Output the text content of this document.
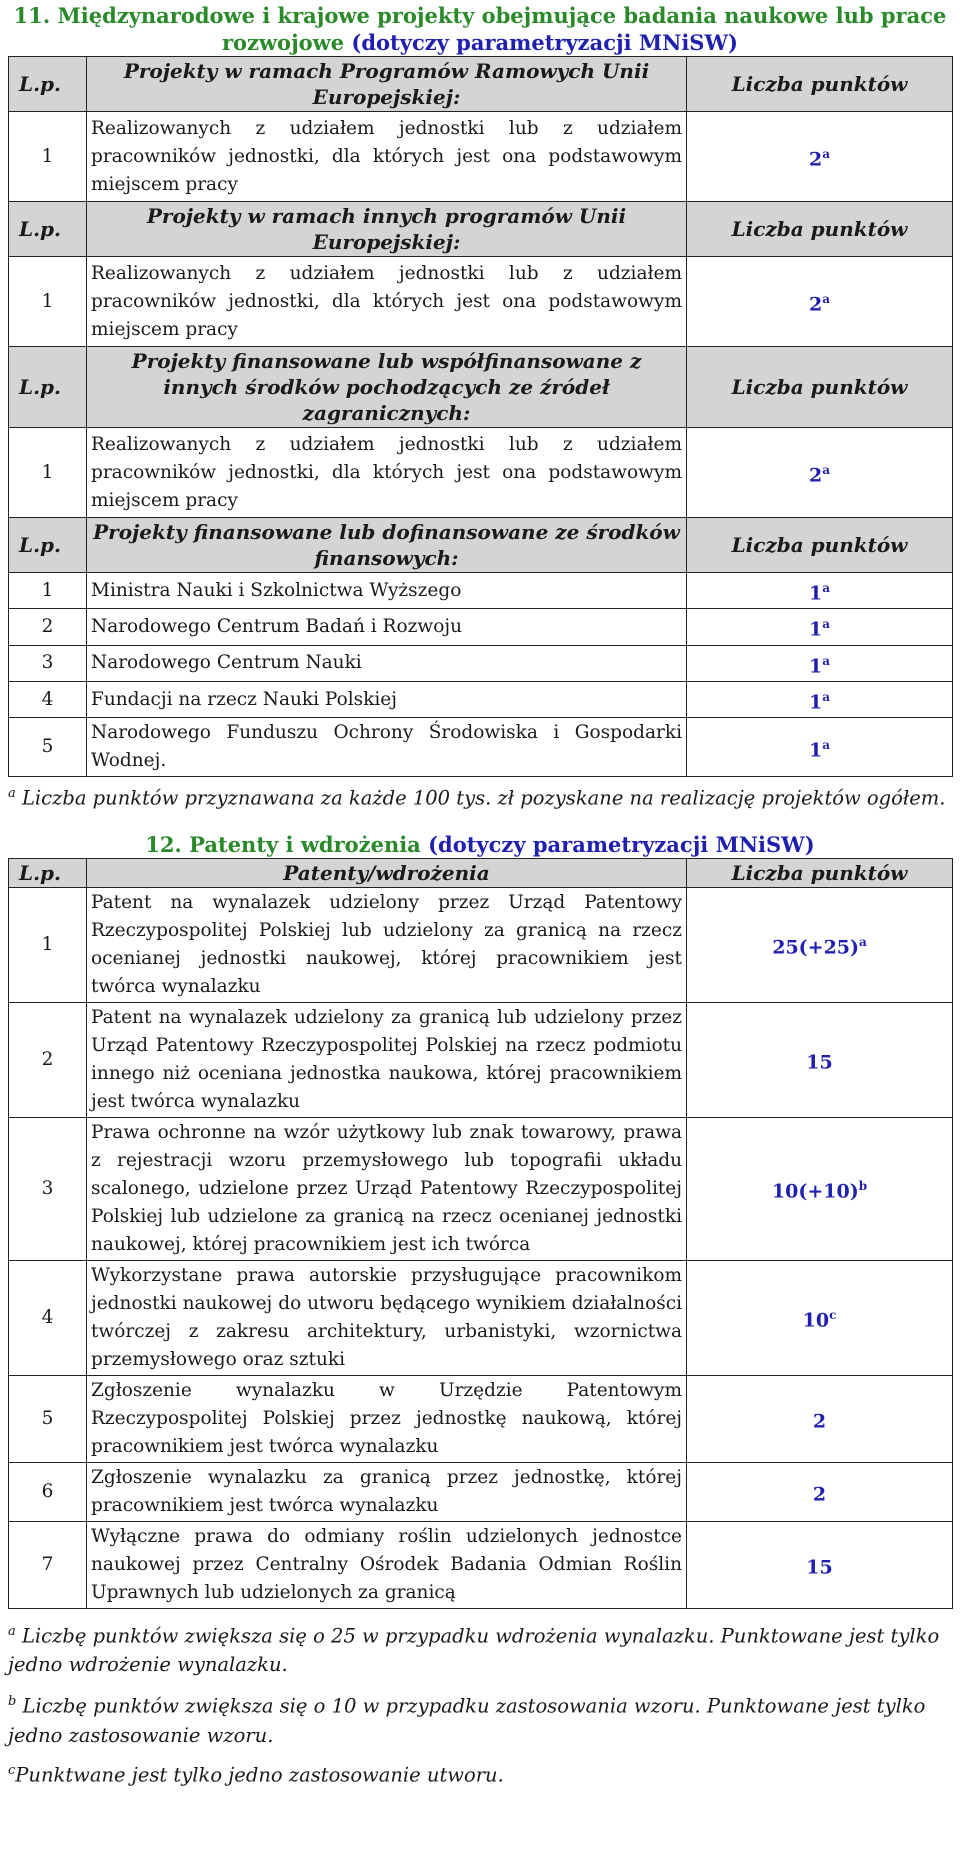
11. Międzynarodowe i krajowe projekty obejmujące badania naukowe lub prace rozwojowe (dotyczy parametryzacji MNiSW)
L.p.	Projekty w ramach Programów Ramowych Unii Europejskiej:	Liczba punktów
1	Realizowanych z udziałem jednostki lub z udziałem pracowników jednostki, dla których jest ona podstawowym miejscem pracy	2$^a$
L.p.	Projekty w ramach innych programów Unii Europejskiej:	Liczba punktów
1	Realizowanych z udziałem jednostki lub z udziałem pracowników jednostki, dla których jest ona podstawowym miejscem pracy	2$^a$
L.p.	Projekty finansowane lub współfinansowane z innych środków pochodzących ze źródeł zagranicznych:	Liczba punktów
1	Realizowanych z udziałem jednostki lub z udziałem pracowników jednostki, dla których jest ona podstawowym miejscem pracy	2$^a$
L.p.	Projekty finansowane lub dofinansowane ze środków finansowych:	Liczba punktów
1	Ministra Nauki i Szkolnictwa Wyższego	1$^a$
2	Narodowego Centrum Badań i Rozwoju	1$^a$
3	Narodowego Centrum Nauki	1$^a$
4	Fundacji na rzecz Nauki Polskiej	1$^a$
5	Narodowego Funduszu Ochrony Środowiska i Gospodarki Wodnej.	1$^a$

$^a$ Liczba punktów przyznawana za każde 100 tys. zł pozyskane na realizację projektów ogółem.

12. Patenty i wdrożenia (dotyczy parametryzacji MNiSW)
L.p.	Patenty/wdrożenia	Liczba punktów
1	Patent na wynalazek udzielony przez Urząd Patentowy Rzeczypospolitej Polskiej lub udzielony za granicą na rzecz ocenianej jednostki naukowej, której pracownikiem jest twórca wynalazku	$25(+25)^a$
2	Patent na wynalazek udzielony za granicą lub udzielony przez Urząd Patentowy Rzeczypospolitej Polskiej na rzecz podmiotu innego niż oceniana jednostka naukowa, której pracownikiem jest twórca wynalazku	15
3	Prawa ochronne na wzór użytkowy lub znak towarowy, prawa z rejestracji wzoru przemysłowego lub topografii układu scalonego, udzielone przez Urząd Patentowy Rzeczypospolitej Polskiej lub udzielone za granicą na rzecz ocenianej jednostki naukowej, której pracownikiem jest ich twórca	$10(+10)^b$
4	Wykorzystane prawa autorskie przysługujące pracownikom jednostki naukowej do utworu będącego wynikiem działalności twórczej z zakresu architektury, urbanistyki, wzornictwa przemysłowego oraz sztuki	10$^c$
5	Zgłoszenie wynalazku w Urzędzie Patentowym Rzeczypospolitej Polskiej przez jednostkę naukową, której pracownikiem jest twórca wynalazku	2
6	Zgłoszenie wynalazku za granicą przez jednostkę, której pracownikiem jest twórca wynalazku	2
7	Wyłączne prawa do odmiany roślin udzielonych jednostce naukowej przez Centralny Ośrodek Badania Odmian Roślin Uprawnych lub udzielonych za granicą	15

$^a$ Liczbę punktów zwiększa się o 25 w przypadku wdrożenia wynalazku. Punktowane jest tylko jedno wdrożenie wynalazku.

$^b$ Liczbę punktów zwiększa się o 10 w przypadku zastosowania wzoru. Punktowane jest tylko jedno zastosowanie wzoru.

$^c$Punktwane jest tylko jedno zastosowanie utworu.
